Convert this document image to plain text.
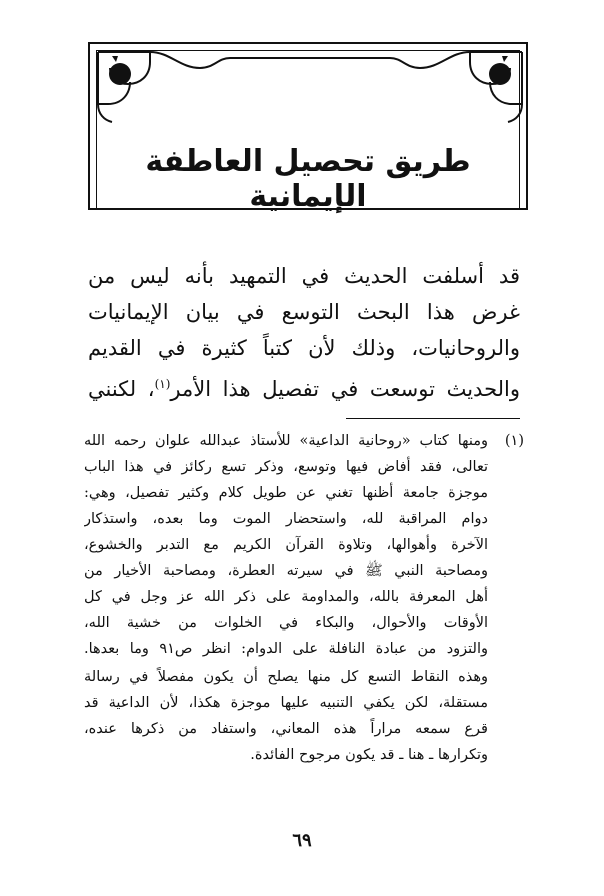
طريق تحصيل العاطفة الإيمانية
قد أسلفت الحديث في التمهيد بأنه ليس من
غرض هذا البحث التوسع في بيان الإيمانيات
والروحانيات، وذلك لأن كتباً كثيرة في القديم
والحديث توسعت في تفصيل هذا الأمر$^{(١)}$، لكنني
(١)
ومنها كتاب «روحانية الداعية» للأستاذ عبدالله علوان رحمه الله
تعالى، فقد أفاض فيها وتوسع، وذكر تسع ركائز في هذا الباب
موجزة جامعة أظنها تغني عن طويل كلام وكثير تفصيل، وهي:
دوام المراقبة لله، واستحضار الموت وما بعده، واستذكار
الآخرة وأهوالها، وتلاوة القرآن الكريم مع التدبر والخشوع،
ومصاحبة النبي ﷺ في سيرته العطرة، ومصاحبة الأخيار من
أهل المعرفة بالله، والمداومة على ذكر الله عز وجل في كل
الأوقات والأحوال، والبكاء في الخلوات من خشية الله،
والتزود من عبادة النافلة على الدوام: انظر ص٩١ وما بعدها.
وهذه النقاط التسع كل منها يصلح أن يكون مفصلاً في رسالة
مستقلة، لكن يكفي التنبيه عليها موجزة هكذا، لأن الداعية قد
قرع سمعه مراراً هذه المعاني، واستفاد من ذكرها عنده،
وتكرارها ـ هنا ـ قد يكون مرجوح الفائدة.
٦٩
